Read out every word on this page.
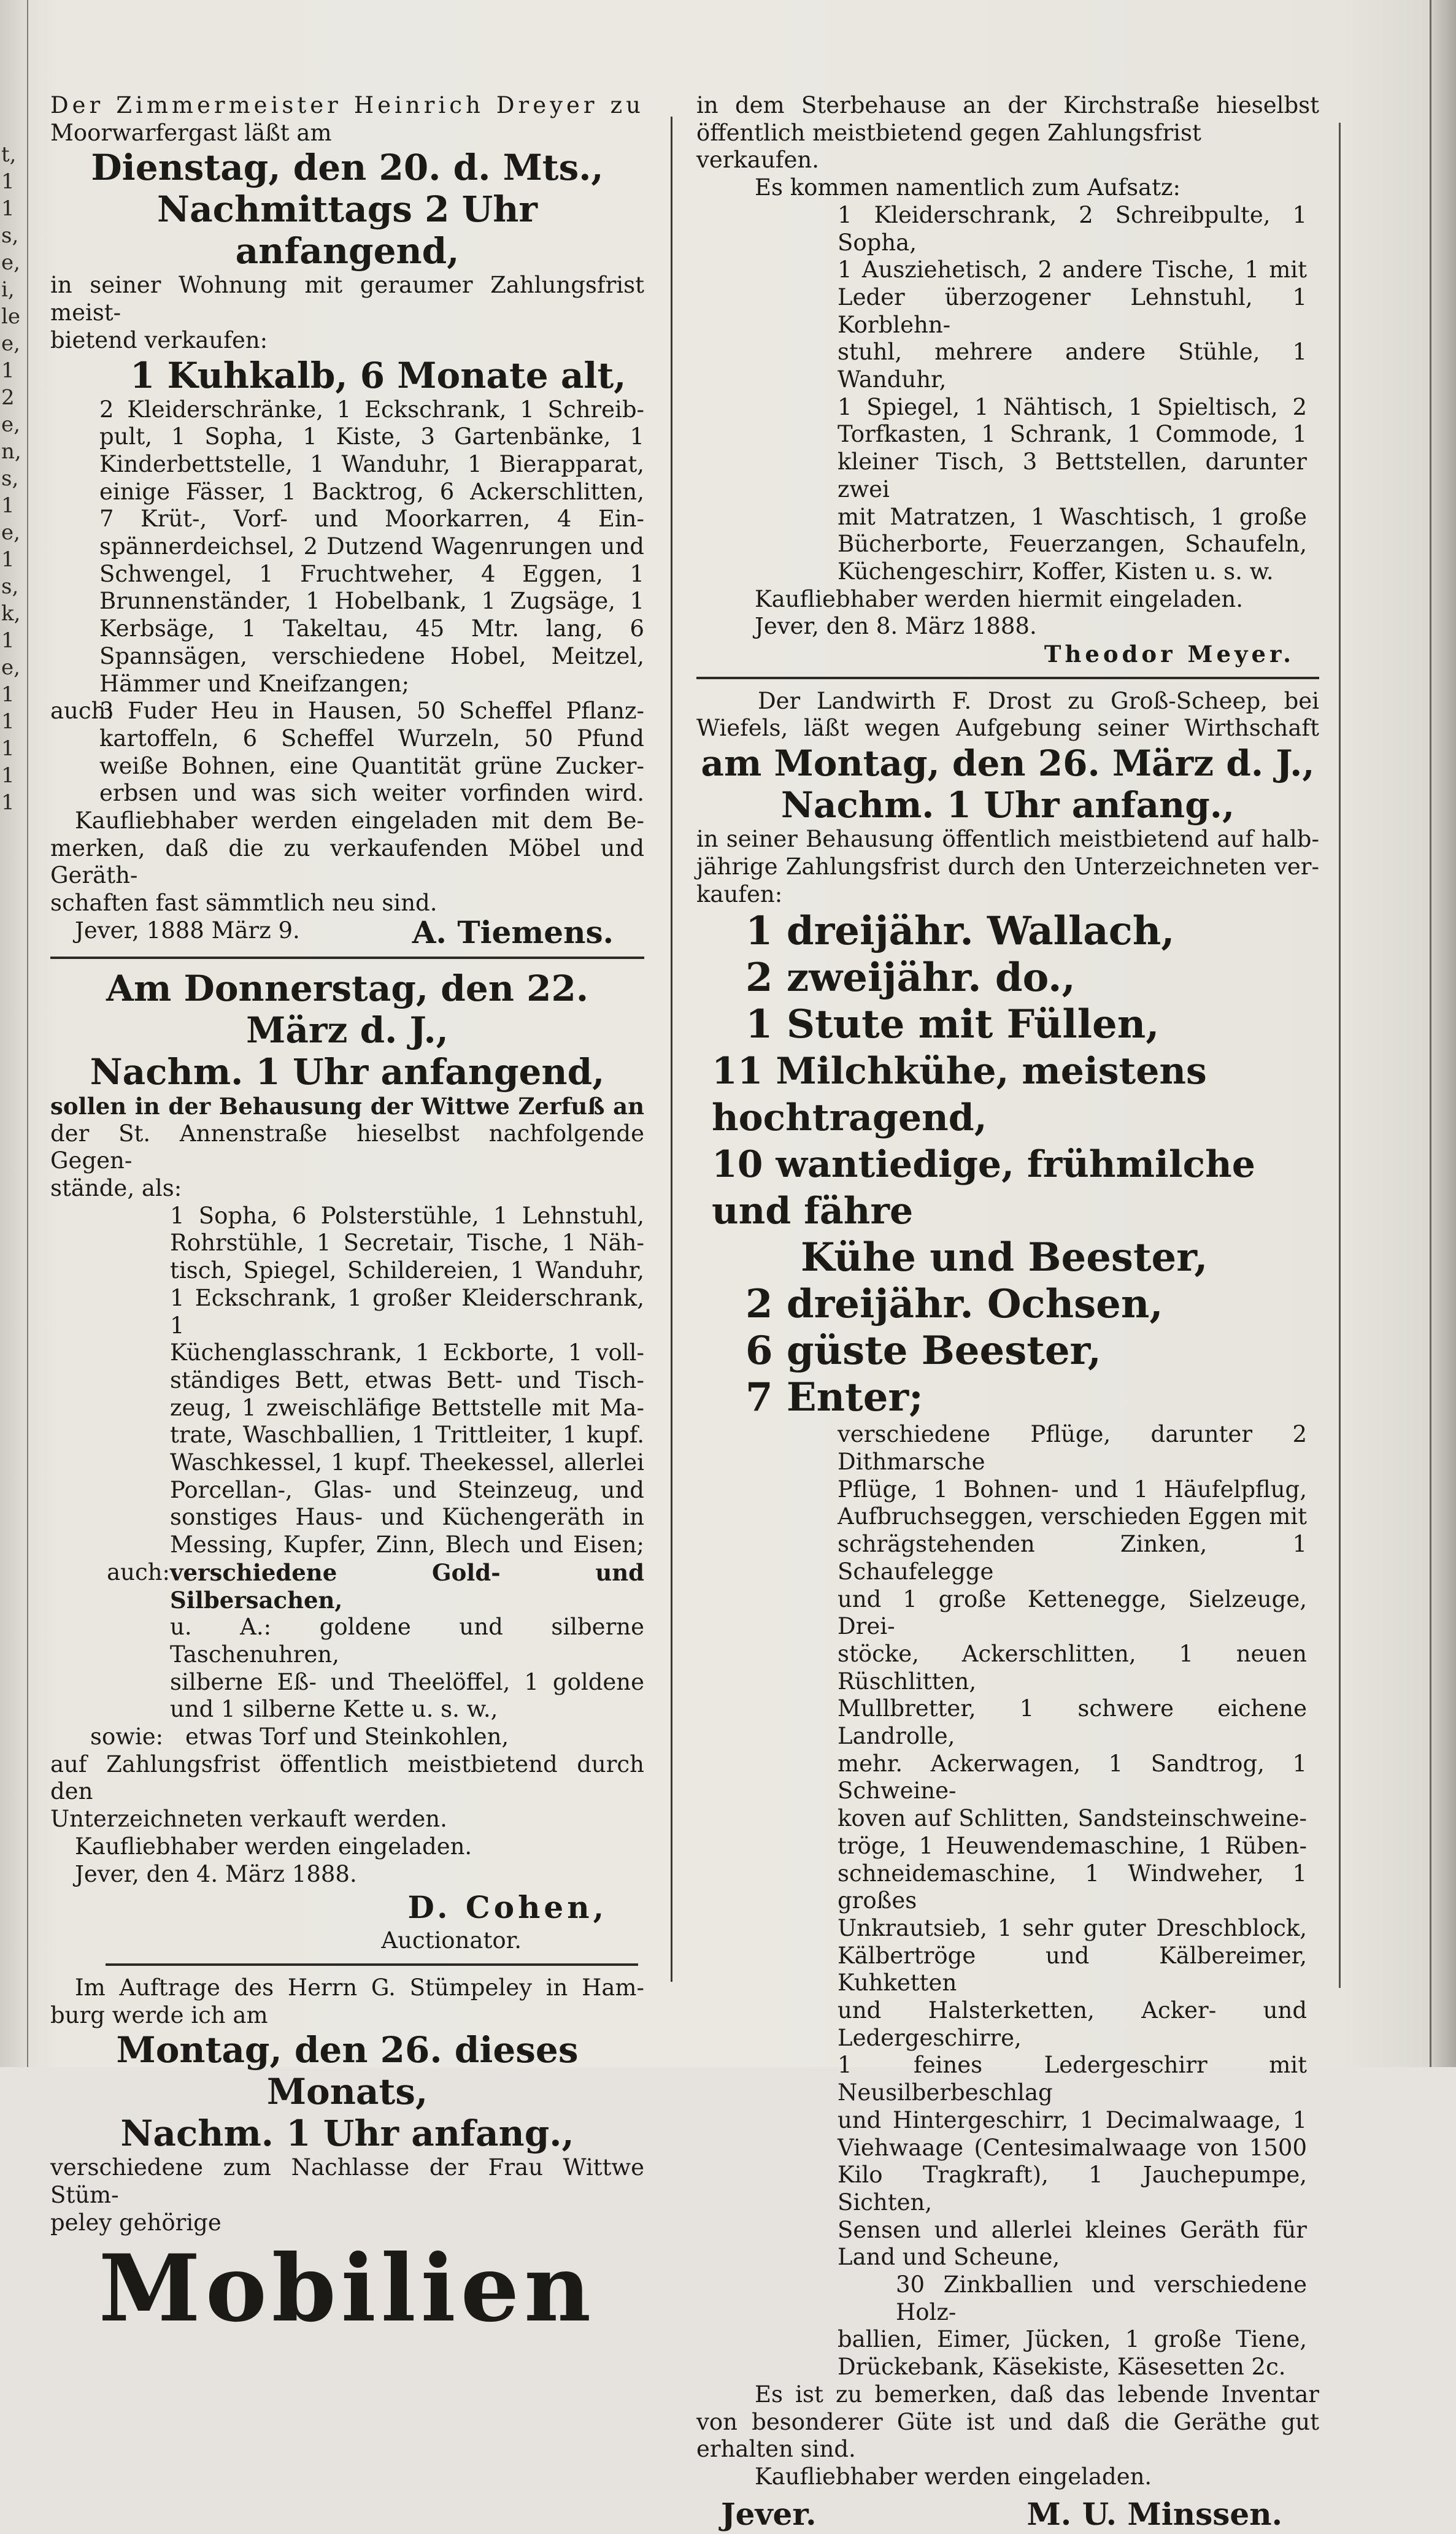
t,
1
1
s,
e,
i,
le
e,
1
2
e,
n,
s,
1
e,
1
s,
k,
1
e,
1
1
1
1
1

Der Zimmermeister Heinrich Dreyer zu

Moorwarfergast läßt am

Dienstag, den 20. d. Mts.,

Nachmittags 2 Uhr anfangend,

in seiner Wohnung mit geraumer Zahlungsfrist meist-

bietend verkaufen:

1 Kuhkalb, 6 Monate alt,

2 Kleiderschränke, 1 Eckschrank, 1 Schreib-

pult, 1 Sopha, 1 Kiste, 3 Gartenbänke, 1

Kinderbettstelle, 1 Wanduhr, 1 Bierapparat,

einige Fässer, 1 Backtrog, 6 Ackerschlitten,

7 Krüt-, Vorf- und Moorkarren, 4 Ein-

spännerdeichsel, 2 Dutzend Wagenrungen und

Schwengel, 1 Fruchtweher, 4 Eggen, 1

Brunnenständer, 1 Hobelbank, 1 Zugsäge, 1

Kerbsäge, 1 Takeltau, 45 Mtr. lang, 6

Spannsägen, verschiedene Hobel, Meitzel,

Hämmer und Kneifzangen;

auch:

3 Fuder Heu in Hausen, 50 Scheffel Pflanz-

kartoffeln, 6 Scheffel Wurzeln, 50 Pfund

weiße Bohnen, eine Quantität grüne Zucker-

erbsen und was sich weiter vorfinden wird.

Kaufliebhaber werden eingeladen mit dem Be-

merken, daß die zu verkaufenden Möbel und Geräth-

schaften fast sämmtlich neu sind.

Jever, 1888 März 9.	A. Tiemens.

Am Donnerstag, den 22. März d. J.,

Nachm. 1 Uhr anfangend,

sollen in der Behausung der Wittwe Zerfuß an

der St. Annenstraße hieselbst nachfolgende Gegen-

stände, als:

1 Sopha, 6 Polsterstühle, 1 Lehnstuhl,

Rohrstühle, 1 Secretair, Tische, 1 Näh-

tisch, Spiegel, Schildereien, 1 Wanduhr,

1 Eckschrank, 1 großer Kleiderschrank, 1

Küchenglasschrank, 1 Eckborte, 1 voll-

ständiges Bett, etwas Bett- und Tisch-

zeug, 1 zweischläfige Bettstelle mit Ma-

trate, Waschballien, 1 Trittleiter, 1 kupf.

Waschkessel, 1 kupf. Theekessel, allerlei

Porcellan-, Glas- und Steinzeug, und

sonstiges Haus- und Küchengeräth in

Messing, Kupfer, Zinn, Blech und Eisen;

auch: verschiedene Gold- und Silbersachen,

u. A.: goldene und silberne Taschenuhren,

silberne Eß- und Theelöffel, 1 goldene

und 1 silberne Kette u. s. w.,

sowie: etwas Torf und Steinkohlen,

auf Zahlungsfrist öffentlich meistbietend durch den

Unterzeichneten verkauft werden.

Kaufliebhaber werden eingeladen.

Jever, den 4. März 1888.

D. Cohen,

Auctionator.

Im Auftrage des Herrn G. Stümpeley in Ham-

burg werde ich am

Montag, den 26. dieses Monats,

Nachm. 1 Uhr anfang.,

verschiedene zum Nachlasse der Frau Wittwe Stüm-

peley gehörige

Mobilien

in dem Sterbehause an der Kirchstraße hieselbst

öffentlich meistbietend gegen Zahlungsfrist verkaufen.

Es kommen namentlich zum Aufsatz:

1 Kleiderschrank, 2 Schreibpulte, 1 Sopha,

1 Ausziehetisch, 2 andere Tische, 1 mit

Leder überzogener Lehnstuhl, 1 Korblehn-

stuhl, mehrere andere Stühle, 1 Wanduhr,

1 Spiegel, 1 Nähtisch, 1 Spieltisch, 2

Torfkasten, 1 Schrank, 1 Commode, 1

kleiner Tisch, 3 Bettstellen, darunter zwei

mit Matratzen, 1 Waschtisch, 1 große

Bücherborte, Feuerzangen, Schaufeln,

Küchengeschirr, Koffer, Kisten u. s. w.

Kaufliebhaber werden hiermit eingeladen.

Jever, den 8. März 1888.

Theodor Meyer.

Der Landwirth F. Drost zu Groß-Scheep, bei

Wiefels, läßt wegen Aufgebung seiner Wirthschaft

am Montag, den 26. März d. J.,

Nachm. 1 Uhr anfang.,

in seiner Behausung öffentlich meistbietend auf halb-

jährige Zahlungsfrist durch den Unterzeichneten ver-

kaufen:

1 dreijähr. Wallach,

2 zweijähr. do.,

1 Stute mit Füllen,

11 Milchkühe, meistens hochtragend,

10 wantiedige, frühmilche und fähre

Kühe und Beester,

2 dreijähr. Ochsen,

6 güste Beester,

7 Enter;

verschiedene Pflüge, darunter 2 Dithmarsche

Pflüge, 1 Bohnen- und 1 Häufelpflug,

Aufbruchseggen, verschieden Eggen mit

schrägstehenden Zinken, 1 Schaufelegge

und 1 große Kettenegge, Sielzeuge, Drei-

stöcke, Ackerschlitten, 1 neuen Rüschlitten,

Mullbretter, 1 schwere eichene Landrolle,

mehr. Ackerwagen, 1 Sandtrog, 1 Schweine-

koven auf Schlitten, Sandsteinschweine-

tröge, 1 Heuwendemaschine, 1 Rüben-

schneidemaschine, 1 Windweher, 1 großes

Unkrautsieb, 1 sehr guter Dreschblock,

Kälbertröge und Kälbereimer, Kuhketten

und Halsterketten, Acker- und Ledergeschirre,

1 feines Ledergeschirr mit Neusilberbeschlag

und Hintergeschirr, 1 Decimalwaage, 1

Viehwaage (Centesimalwaage von 1500

Kilo Tragkraft), 1 Jauchepumpe, Sichten,

Sensen und allerlei kleines Geräth für

Land und Scheune,

30 Zinkballien und verschiedene Holz-

ballien, Eimer, Jücken, 1 große Tiene,

Drückebank, Käsekiste, Käsesetten 2c.

Es ist zu bemerken, daß das lebende Inventar

von besonderer Güte ist und daß die Geräthe gut

erhalten sind.

Kaufliebhaber werden eingeladen.

Jever.	M. U. Minssen.
